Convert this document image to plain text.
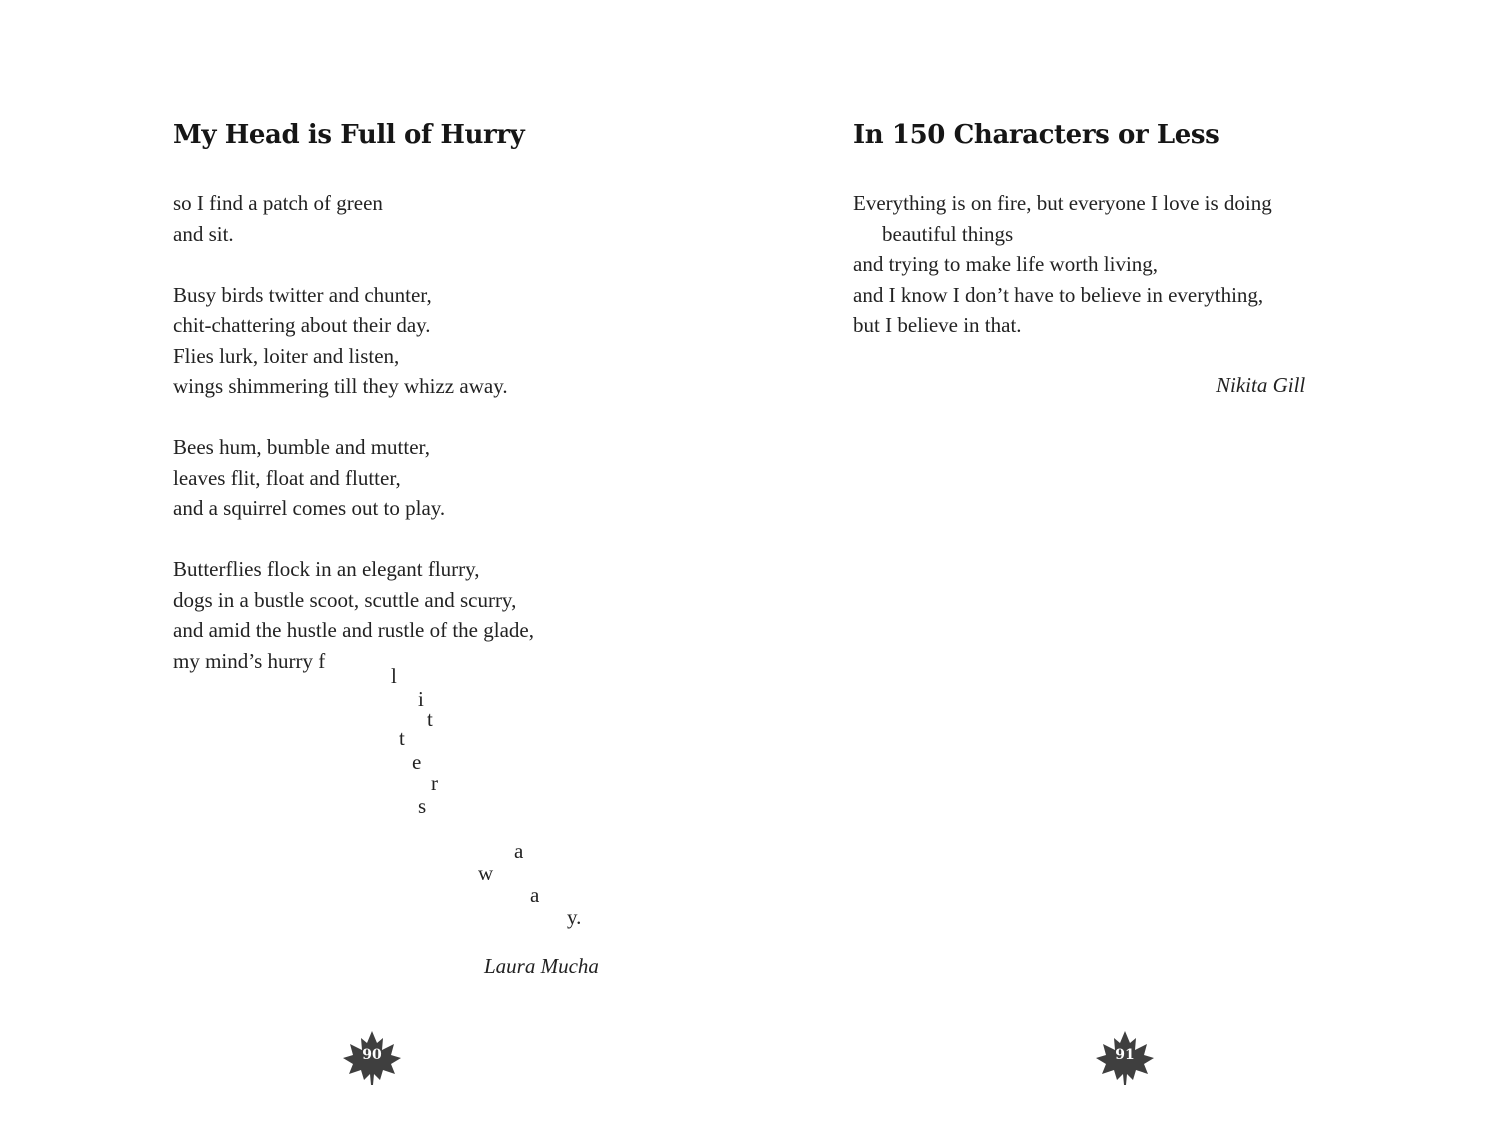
My Head is Full of Hurry
so I find a patch of green
and sit.
Busy birds twitter and chunter,
chit-chattering about their day.
Flies lurk, loiter and listen,
wings shimmering till they whizz away.
Bees hum, bumble and mutter,
leaves flit, float and flutter,
and a squirrel comes out to play.
Butterflies flock in an elegant flurry,
dogs in a bustle scoot, scuttle and scurry,
and amid the hustle and rustle of the glade,
my mind’s hurry f
l
i
t
t
e
r
s
a
w
a
y.
Laura Mucha
90
In 150 Characters or Less
Everything is on fire, but everyone I love is doing
beautiful things
and trying to make life worth living,
and I know I don’t have to believe in everything,
but I believe in that.
Nikita Gill
91
